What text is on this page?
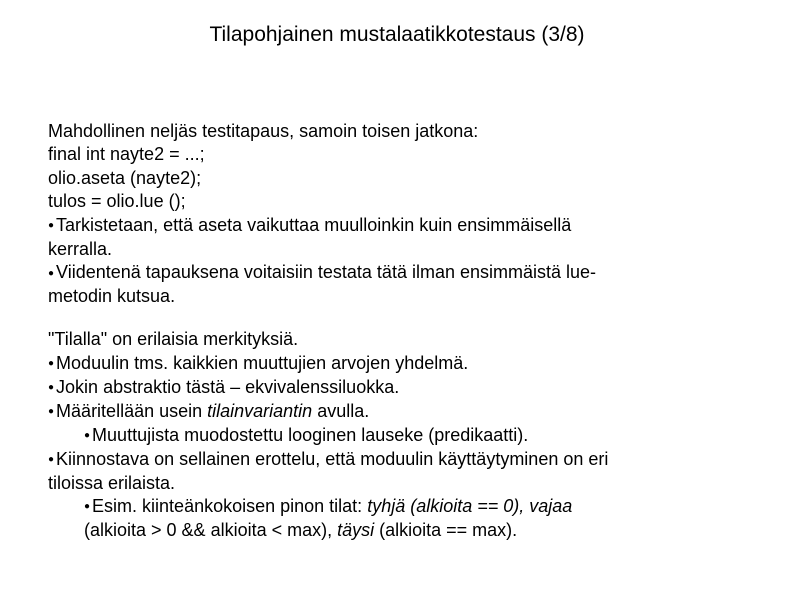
Tilapohjainen mustalaatikkotestaus (3/8)
Mahdollinen neljäs testitapaus, samoin toisen jatkona:
final int nayte2 = ...;
olio.aseta (nayte2);
tulos = olio.lue ();
● Tarkistetaan, että aseta vaikuttaa muulloinkin kuin ensimmäisellä
kerralla.
● Viidentenä tapauksena voitaisiin testata tätä ilman ensimmäistä lue-
metodin kutsua.
"Tilalla" on erilaisia merkityksiä.
● Moduulin tms. kaikkien muuttujien arvojen yhdelmä.
● Jokin abstraktio tästä – ekvivalenssiluokka.
● Määritellään usein tilainvariantin avulla.
● Muuttujista muodostettu looginen lauseke (predikaatti).
● Kiinnostava on sellainen erottelu, että moduulin käyttäytyminen on eri
tiloissa erilaista.
● Esim. kiinteänkokoisen pinon tilat: tyhjä (alkioita == 0), vajaa
(alkioita > 0 && alkioita < max), täysi (alkioita == max).
